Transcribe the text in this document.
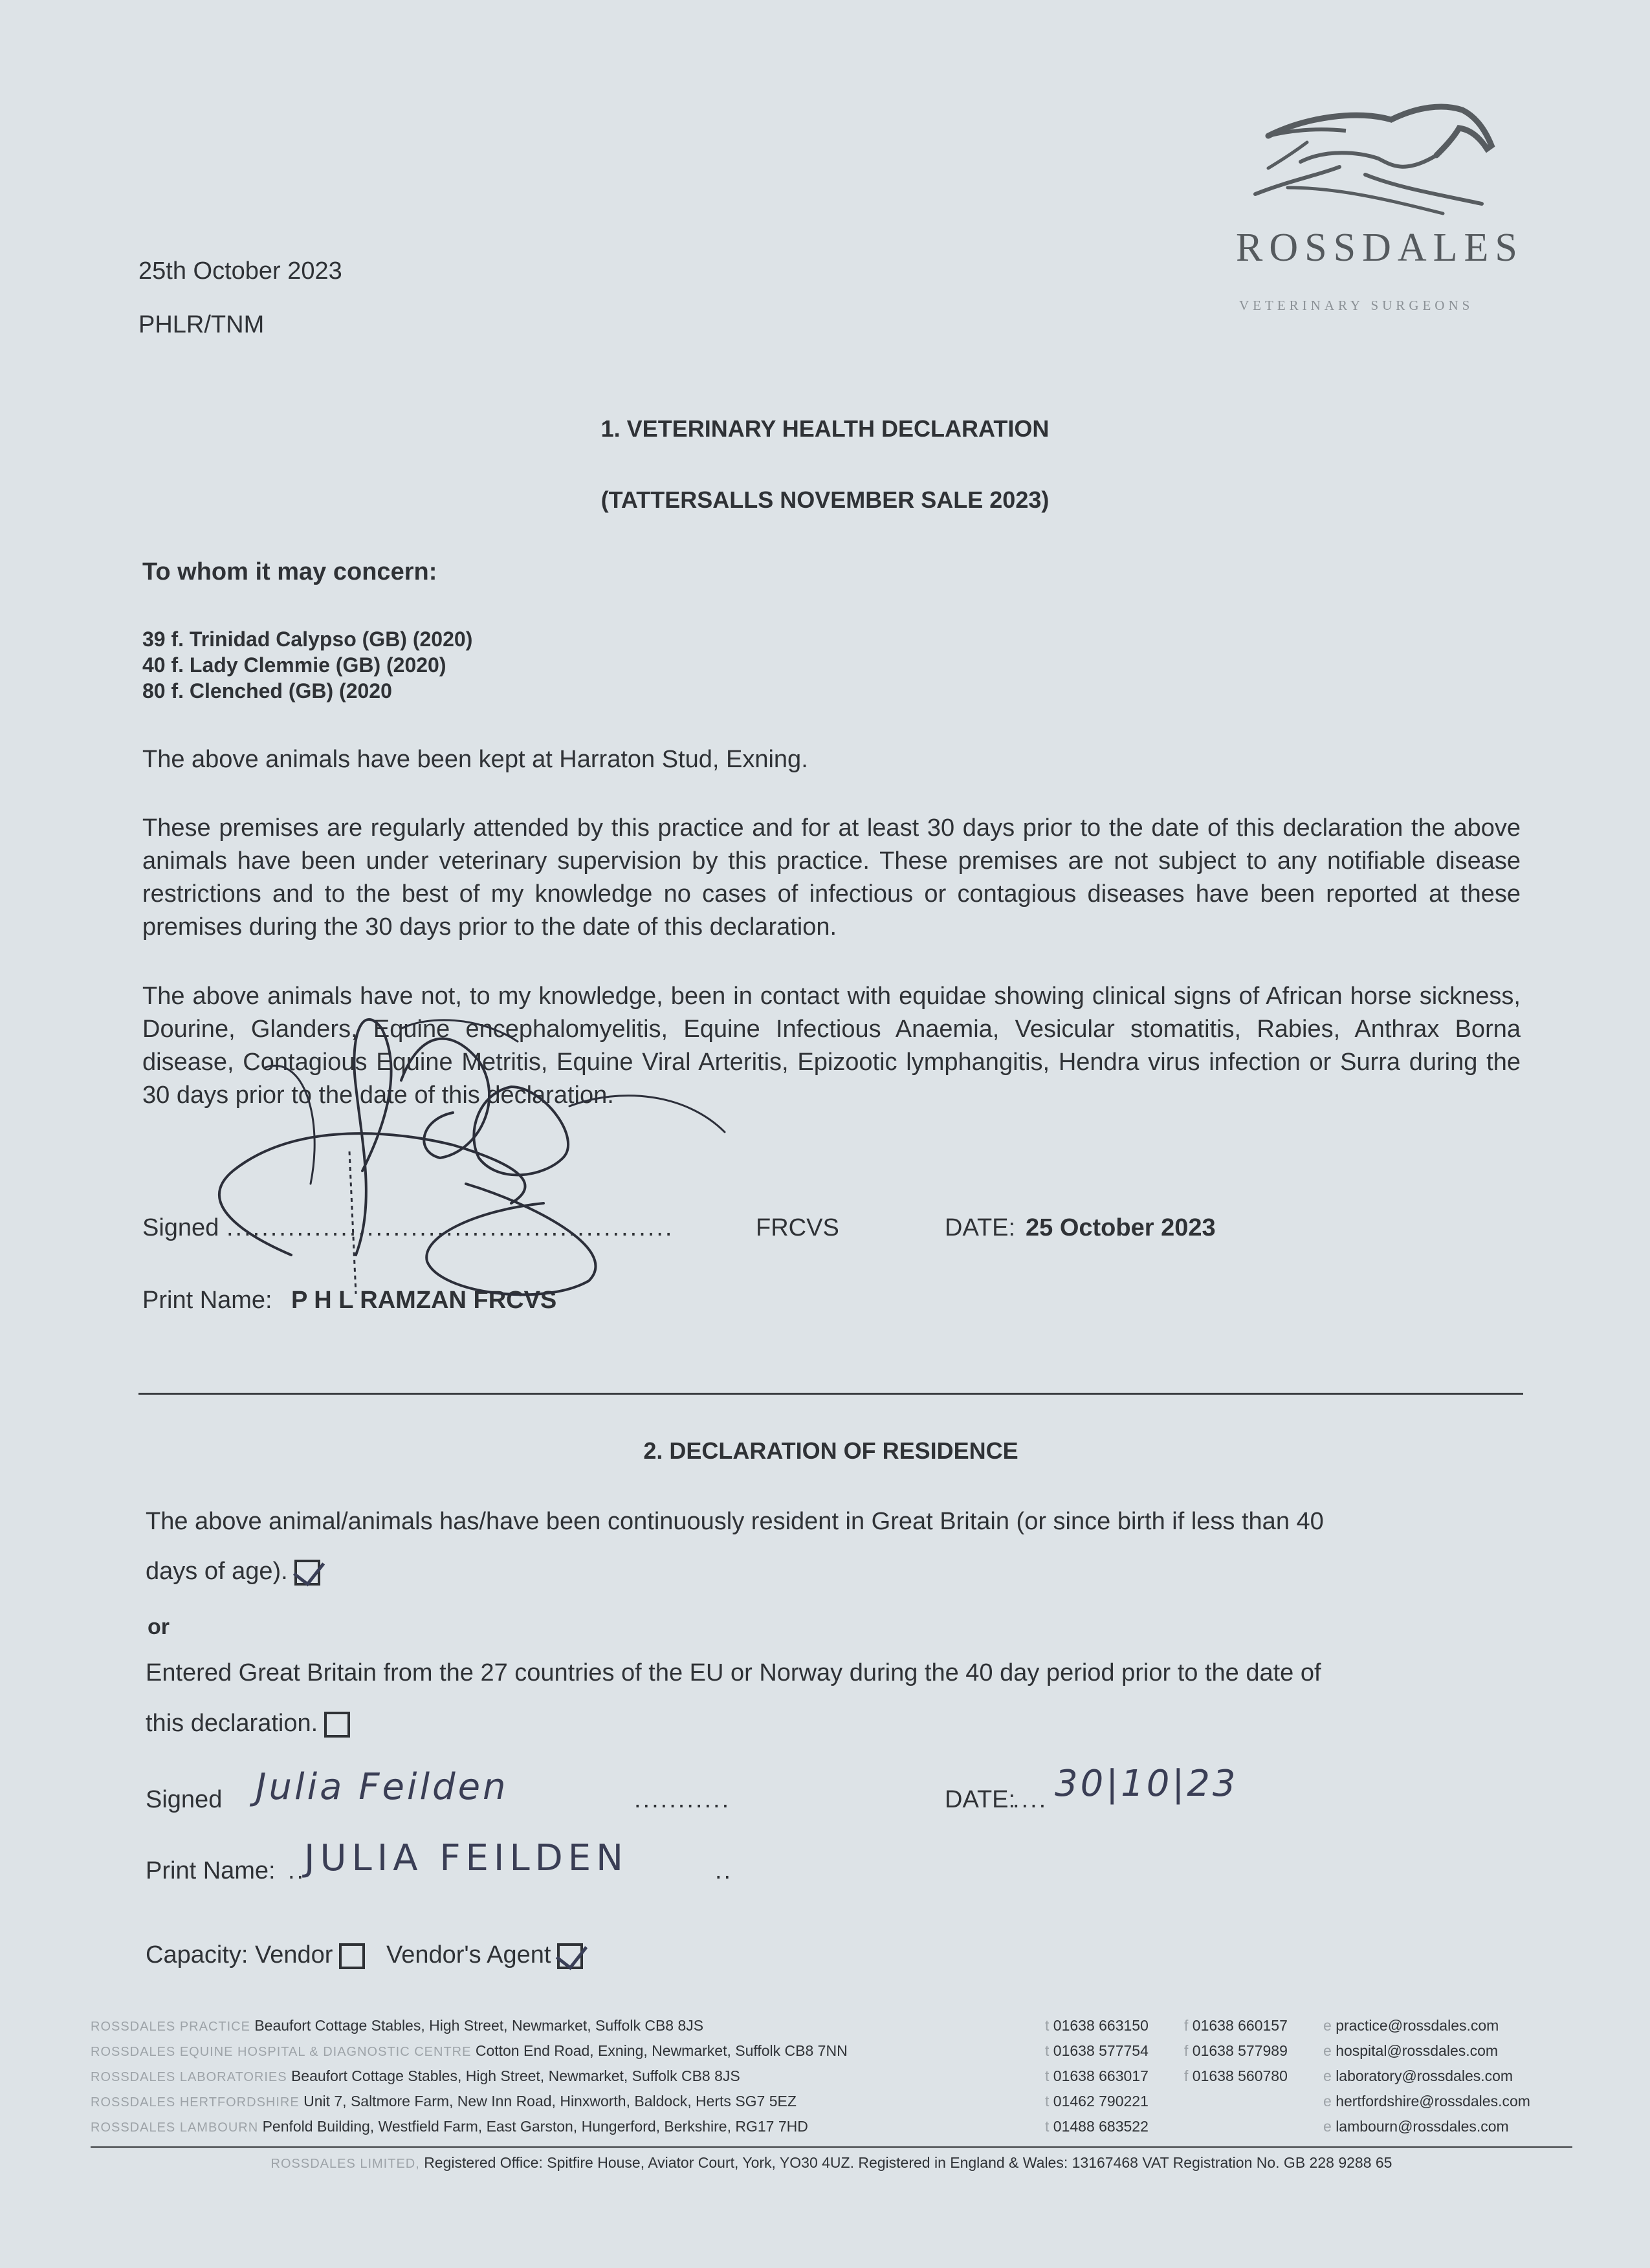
25th October 2023
PHLR/TNM
ROSSDALES
VETERINARY SURGEONS
1. VETERINARY HEALTH DECLARATION
(TATTERSALLS NOVEMBER SALE 2023)
To whom it may concern:
39 f. Trinidad Calypso (GB) (2020)
40 f. Lady Clemmie (GB) (2020)
80 f. Clenched (GB) (2020
The above animals have been kept at Harraton Stud, Exning.
These premises are regularly attended by this practice and for at least 30 days prior to the date of this declaration the above animals have been under veterinary supervision by this practice. These premises are not subject to any notifiable disease restrictions and to the best of my knowledge no cases of infectious or contagious diseases have been reported at these premises during the 30 days prior to the date of this declaration.
The above animals have not, to my knowledge, been in contact with equidae showing clinical signs of African horse sickness, Dourine, Glanders, Equine encephalomyelitis, Equine Infectious Anaemia, Vesicular stomatitis, Rabies, Anthrax Borna disease, Contagious Equine Metritis, Equine Viral Arteritis, Epizootic lymphangitis, Hendra virus infection or Surra during the 30 days prior to the date of this declaration.
Signed ...................................................	FRCVS	DATE: 25 October 2023
Print Name: P H L RAMZAN FRCVS
2. DECLARATION OF RESIDENCE
The above animal/animals has/have been continuously resident in Great Britain (or since birth if less than 40
days of age).
or
Entered Great Britain from the 27 countries of the EU or Norway during the 40 day period prior to the date of
this declaration.
Signed Julia Feilden	...........	DATE:
.... 30|10|23
Print Name: ..
JULIA FEILDEN	..
Capacity: Vendor Vendor's Agent
ROSSDALES PRACTICE Beaufort Cottage Stables, High Street, Newmarket, Suffolk CB8 8JS	t 01638 663150 f 01638 660157 e practice@rossdales.com
ROSSDALES EQUINE HOSPITAL & DIAGNOSTIC CENTRE Cotton End Road, Exning, Newmarket, Suffolk CB8 7NN	t 01638 577754 f 01638 577989 e hospital@rossdales.com
ROSSDALES LABORATORIES Beaufort Cottage Stables, High Street, Newmarket, Suffolk CB8 8JS	t 01638 663017 f 01638 560780 e laboratory@rossdales.com
ROSSDALES HERTFORDSHIRE Unit 7, Saltmore Farm, New Inn Road, Hinxworth, Baldock, Herts SG7 5EZ	t 01462 790221	e hertfordshire@rossdales.com
ROSSDALES LAMBOURN Penfold Building, Westfield Farm, East Garston, Hungerford, Berkshire, RG17 7HD	t 01488 683522	e lambourn@rossdales.com
ROSSDALES LIMITED, Registered Office: Spitfire House, Aviator Court, York, YO30 4UZ. Registered in England & Wales: 13167468 VAT Registration No. GB 228 9288 65
